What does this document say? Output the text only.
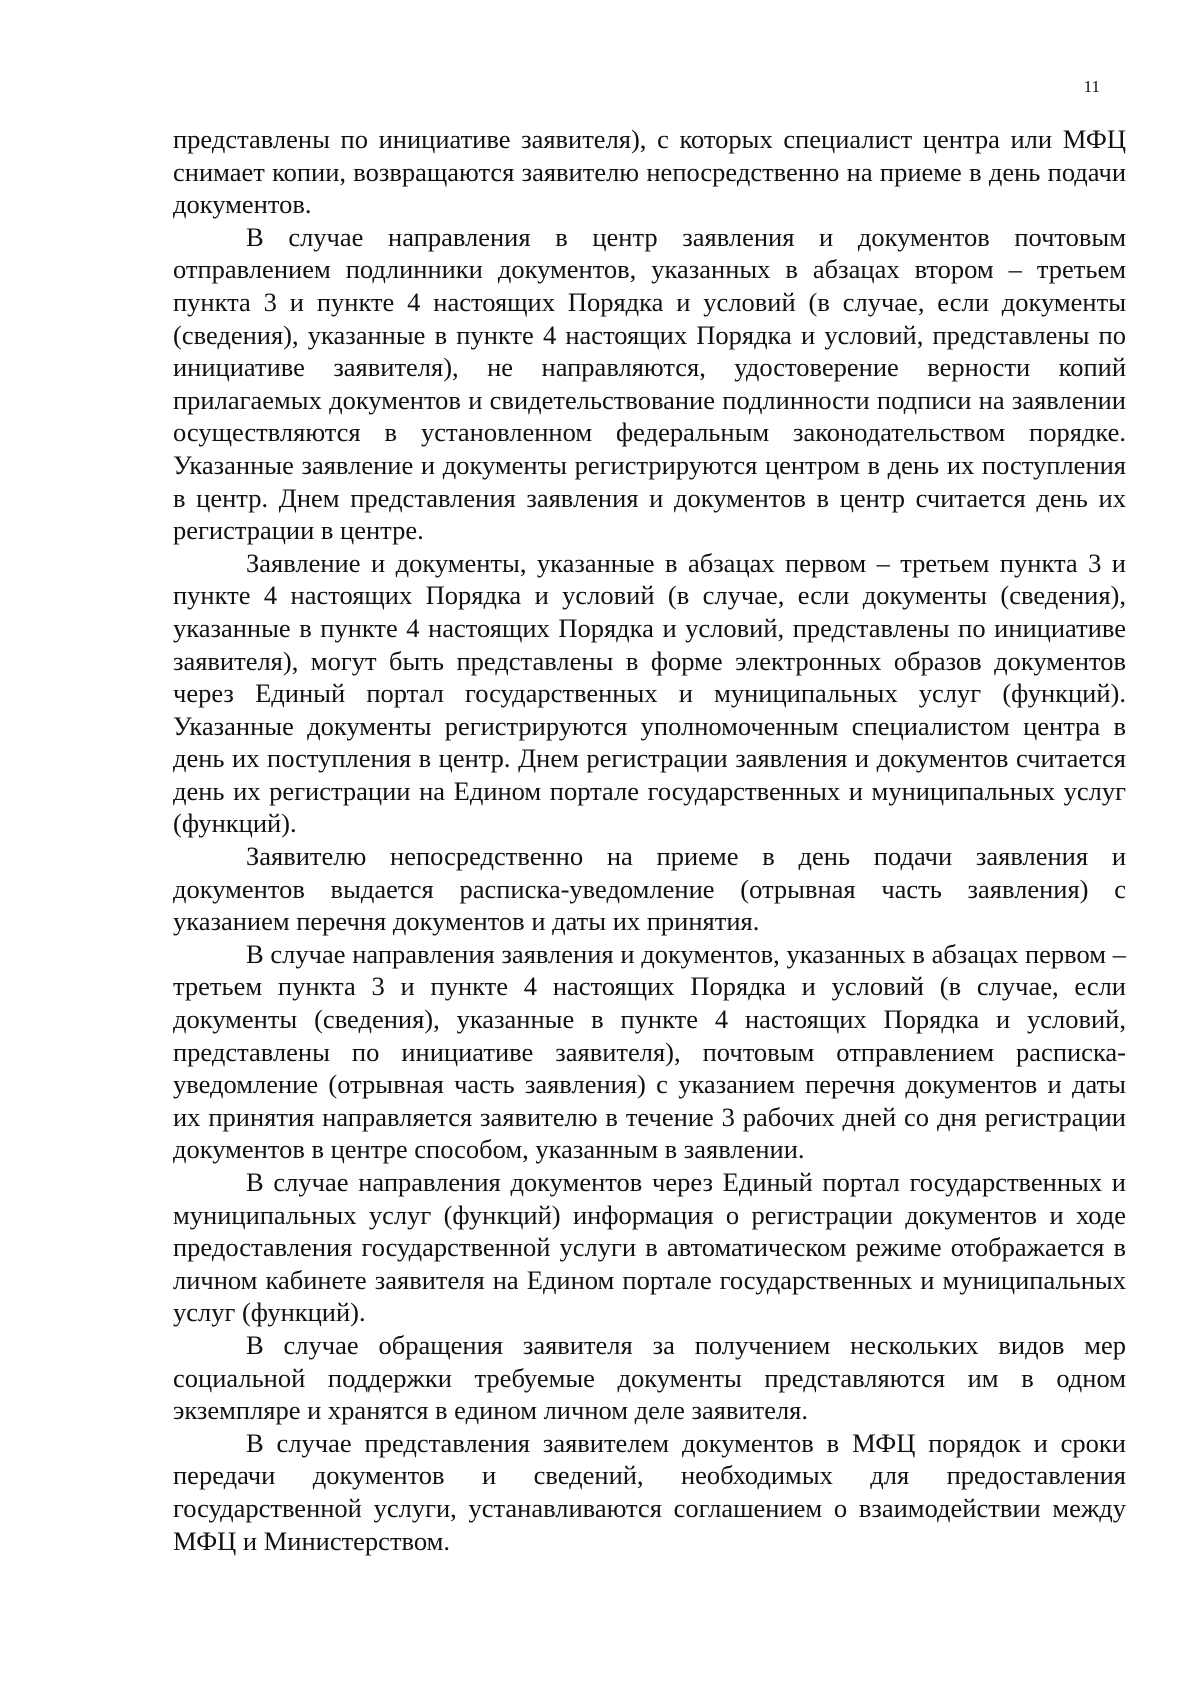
11

представлены по инициативе заявителя), с которых специалист центра или МФЦ снимает копии, возвращаются заявителю непосредственно на приеме в день подачи документов.

В случае направления в центр заявления и документов почтовым отправлением подлинники документов, указанных в абзацах втором – третьем пункта 3 и пункте 4 настоящих Порядка и условий (в случае, если документы (сведения), указанные в пункте 4 настоящих Порядка и условий, представлены по инициативе заявителя), не направляются, удостоверение верности копий прилагаемых документов и свидетельствование подлинности подписи на заявлении осуществляются в установленном федеральным законодательством порядке. Указанные заявление и документы регистрируются центром в день их поступления в центр. Днем представления заявления и документов в центр считается день их регистрации в центре.

Заявление и документы, указанные в абзацах первом – третьем пункта 3 и пункте 4 настоящих Порядка и условий (в случае, если документы (сведения), указанные в пункте 4 настоящих Порядка и условий, представлены по инициативе заявителя), могут быть представлены в форме электронных образов документов через Единый портал государственных и муниципальных услуг (функций). Указанные документы регистрируются уполномоченным специалистом центра в день их поступления в центр. Днем регистрации заявления и документов считается день их регистрации на Едином портале государственных и муниципальных услуг (функций).

Заявителю непосредственно на приеме в день подачи заявления и документов выдается расписка-уведомление (отрывная часть заявления) с указанием перечня документов и даты их принятия.

В случае направления заявления и документов, указанных в абзацах первом – третьем пункта 3 и пункте 4 настоящих Порядка и условий (в случае, если документы (сведения), указанные в пункте 4 настоящих Порядка и условий, представлены по инициативе заявителя), почтовым отправлением расписка-уведомление (отрывная часть заявления) с указанием перечня документов и даты их принятия направляется заявителю в течение 3 рабочих дней со дня регистрации документов в центре способом, указанным в заявлении.

В случае направления документов через Единый портал государственных и муниципальных услуг (функций) информация о регистрации документов и ходе предоставления государственной услуги в автоматическом режиме отображается в личном кабинете заявителя на Едином портале государственных и муниципальных услуг (функций).

В случае обращения заявителя за получением нескольких видов мер социальной поддержки требуемые документы представляются им в одном экземпляре и хранятся в едином личном деле заявителя.

В случае представления заявителем документов в МФЦ порядок и сроки передачи документов и сведений, необходимых для предоставления государственной услуги, устанавливаются соглашением о взаимодействии между МФЦ и Министерством.
